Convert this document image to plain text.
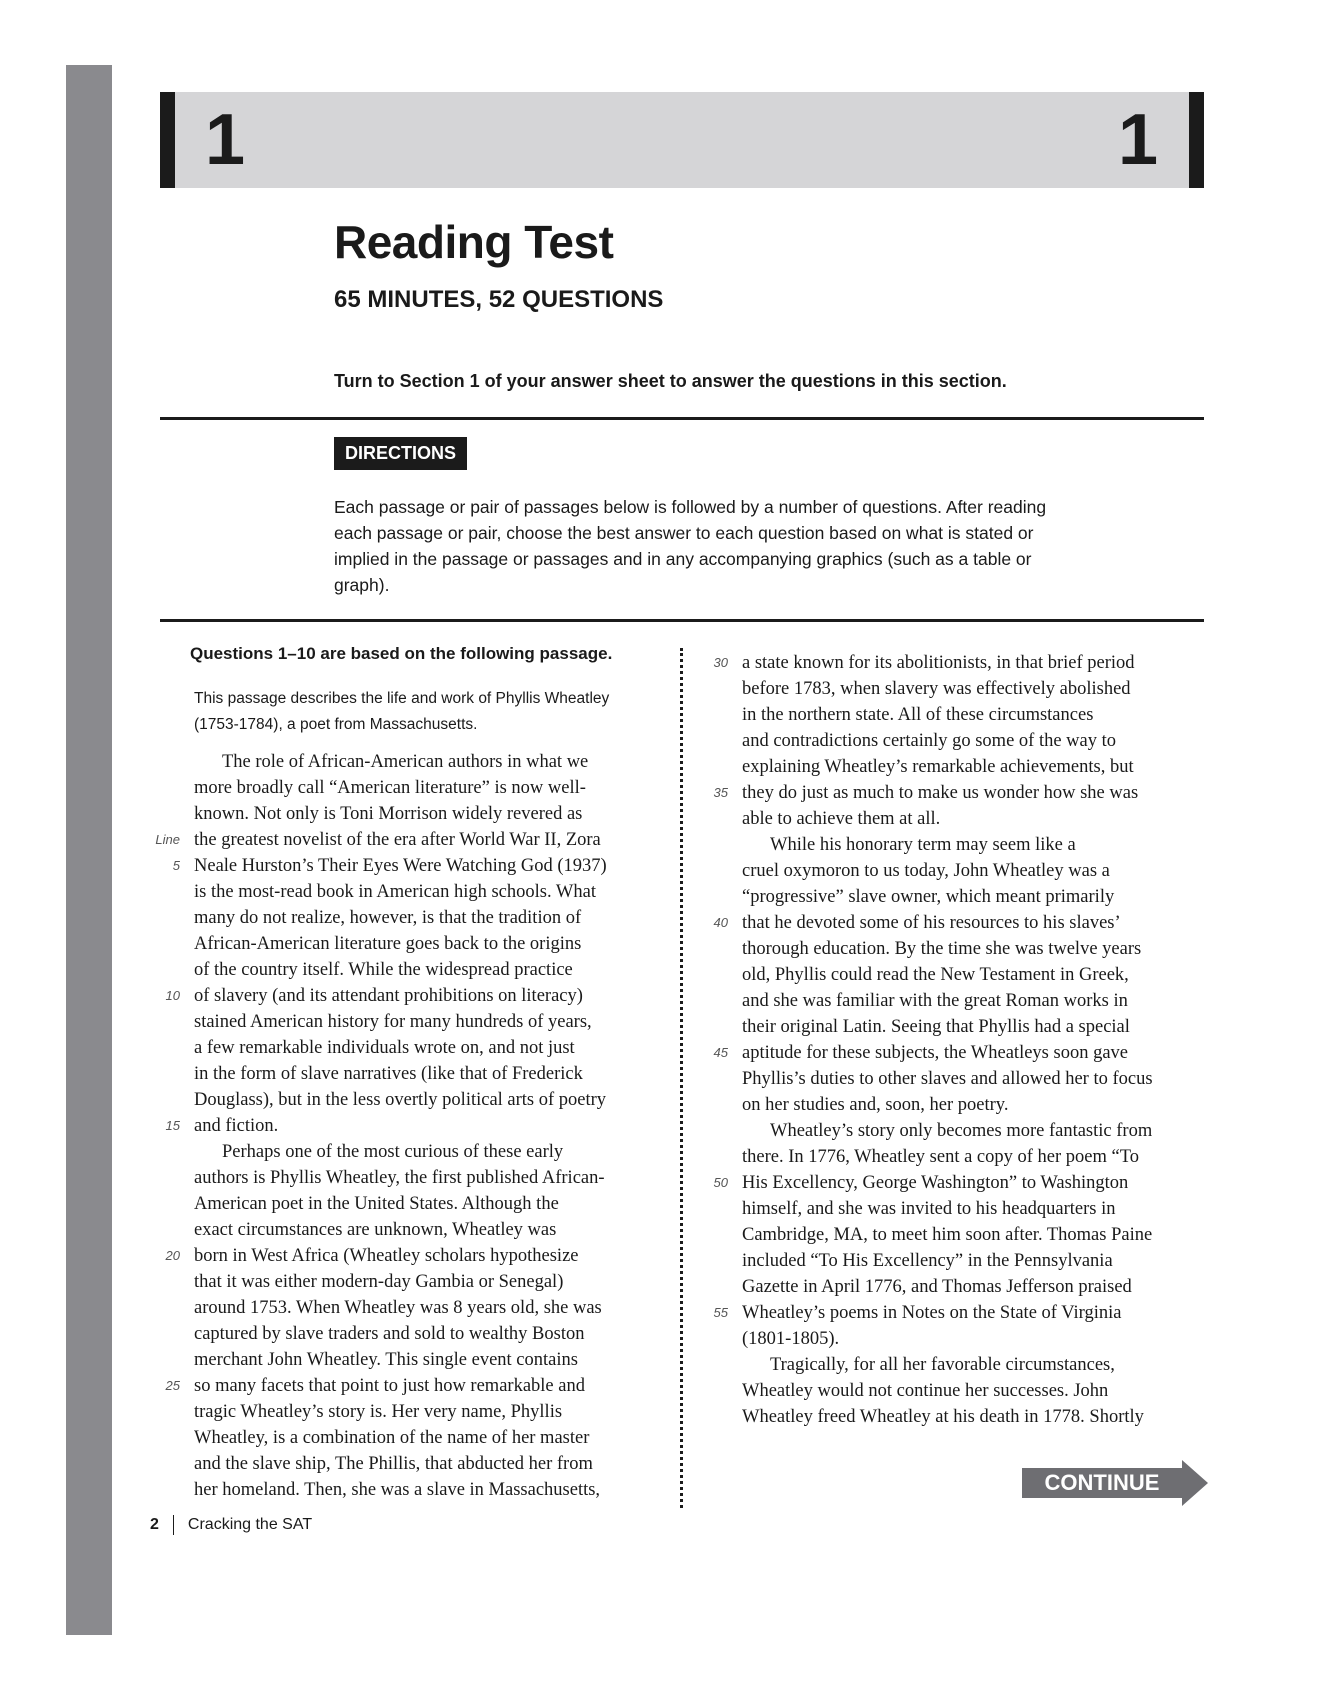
1	1
Reading Test
65 MINUTES, 52 QUESTIONS
Turn to Section 1 of your answer sheet to answer the questions in this section.
DIRECTIONS
Each passage or pair of passages below is followed by a number of questions. After reading
each passage or pair, choose the best answer to each question based on what is stated or
implied in the passage or passages and in any accompanying graphics (such as a table or
graph).
Questions 1–10 are based on the following passage.
This passage describes the life and work of Phyllis Wheatley
(1753-1784), a poet from Massachusetts.
The role of African-American authors in what we
more broadly call “American literature” is now well-
known. Not only is Toni Morrison widely revered as
Line the greatest novelist of the era after World War II, Zora
5 Neale Hurston’s Their Eyes Were Watching God (1937)
is the most-read book in American high schools. What
many do not realize, however, is that the tradition of
African-American literature goes back to the origins
of the country itself. While the widespread practice
10 of slavery (and its attendant prohibitions on literacy)
stained American history for many hundreds of years,
a few remarkable individuals wrote on, and not just
in the form of slave narratives (like that of Frederick
Douglass), but in the less overtly political arts of poetry
15 and fiction.
Perhaps one of the most curious of these early
authors is Phyllis Wheatley, the first published African-
American poet in the United States. Although the
exact circumstances are unknown, Wheatley was
20 born in West Africa (Wheatley scholars hypothesize
that it was either modern-day Gambia or Senegal)
around 1753. When Wheatley was 8 years old, she was
captured by slave traders and sold to wealthy Boston
merchant John Wheatley. This single event contains
25 so many facets that point to just how remarkable and
tragic Wheatley’s story is. Her very name, Phyllis
Wheatley, is a combination of the name of her master
and the slave ship, The Phillis, that abducted her from
her homeland. Then, she was a slave in Massachusetts,
30 a state known for its abolitionists, in that brief period
before 1783, when slavery was effectively abolished
in the northern state. All of these circumstances
and contradictions certainly go some of the way to
explaining Wheatley’s remarkable achievements, but
35 they do just as much to make us wonder how she was
able to achieve them at all.
While his honorary term may seem like a
cruel oxymoron to us today, John Wheatley was a
“progressive” slave owner, which meant primarily
40 that he devoted some of his resources to his slaves’
thorough education. By the time she was twelve years
old, Phyllis could read the New Testament in Greek,
and she was familiar with the great Roman works in
their original Latin. Seeing that Phyllis had a special
45 aptitude for these subjects, the Wheatleys soon gave
Phyllis’s duties to other slaves and allowed her to focus
on her studies and, soon, her poetry.
Wheatley’s story only becomes more fantastic from
there. In 1776, Wheatley sent a copy of her poem “To
50 His Excellency, George Washington” to Washington
himself, and she was invited to his headquarters in
Cambridge, MA, to meet him soon after. Thomas Paine
included “To His Excellency” in the Pennsylvania
Gazette in April 1776, and Thomas Jefferson praised
55 Wheatley’s poems in Notes on the State of Virginia
(1801-1805).
Tragically, for all her favorable circumstances,
Wheatley would not continue her successes. John
Wheatley freed Wheatley at his death in 1778. Shortly
CONTINUE
2 Cracking the SAT
